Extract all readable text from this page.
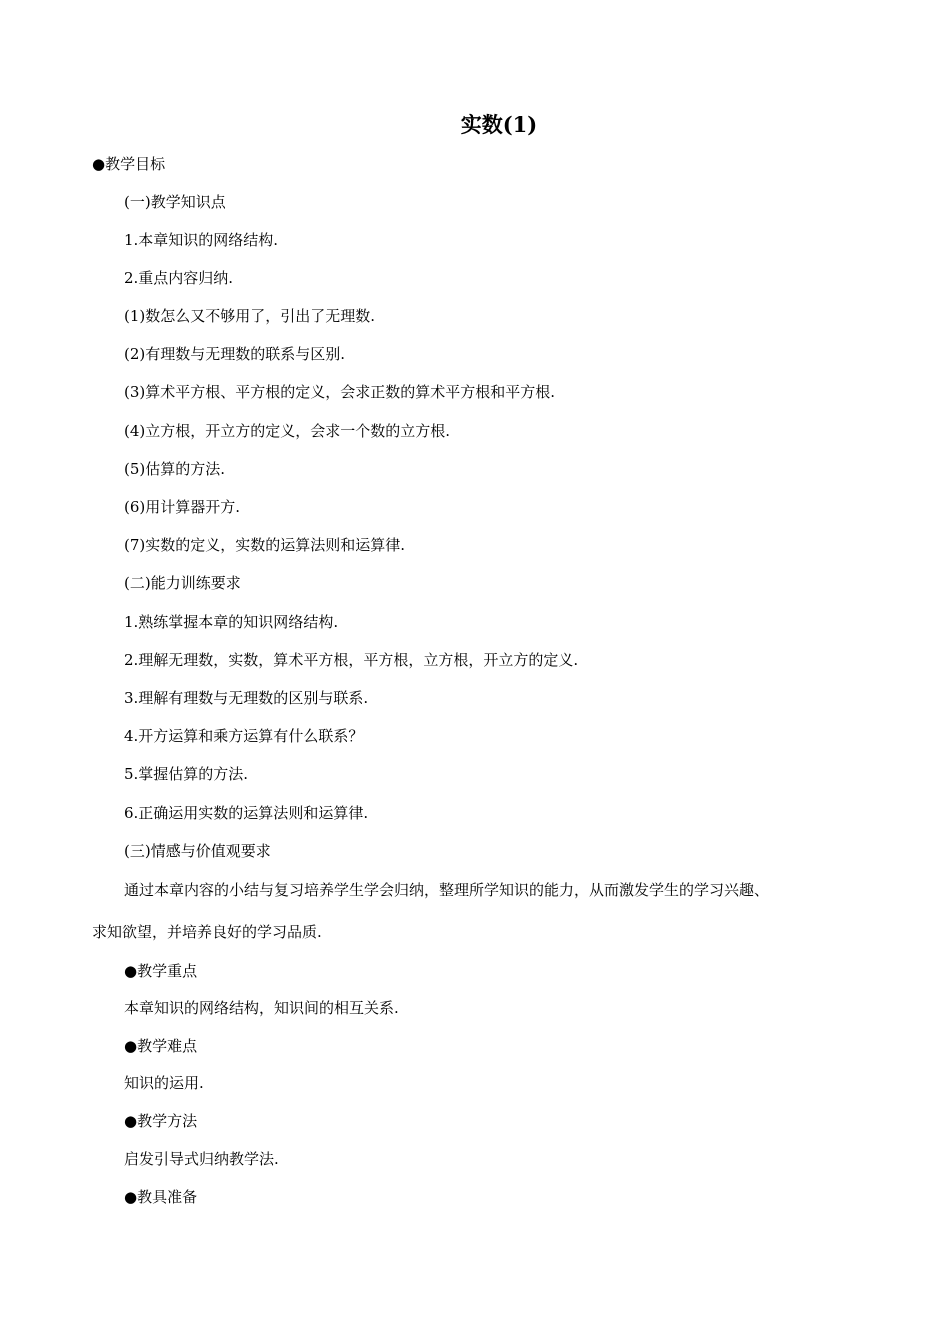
实数(1)
●教学目标
(一)教学知识点
1.本章知识的网络结构.
2.重点内容归纳.
(1)数怎么又不够用了，引出了无理数.
(2)有理数与无理数的联系与区别.
(3)算术平方根、平方根的定义，会求正数的算术平方根和平方根.
(4)立方根，开立方的定义，会求一个数的立方根.
(5)估算的方法.
(6)用计算器开方.
(7)实数的定义，实数的运算法则和运算律.
(二)能力训练要求
1.熟练掌握本章的知识网络结构.
2.理解无理数，实数，算术平方根，平方根，立方根，开立方的定义.
3.理解有理数与无理数的区别与联系.
4.开方运算和乘方运算有什么联系？
5.掌握估算的方法.
6.正确运用实数的运算法则和运算律.
(三)情感与价值观要求
通过本章内容的小结与复习培养学生学会归纳，整理所学知识的能力，从而激发学生的学习兴趣、
求知欲望，并培养良好的学习品质.
●教学重点
本章知识的网络结构，知识间的相互关系.
●教学难点
知识的运用.
●教学方法
启发引导式归纳教学法.
●教具准备
